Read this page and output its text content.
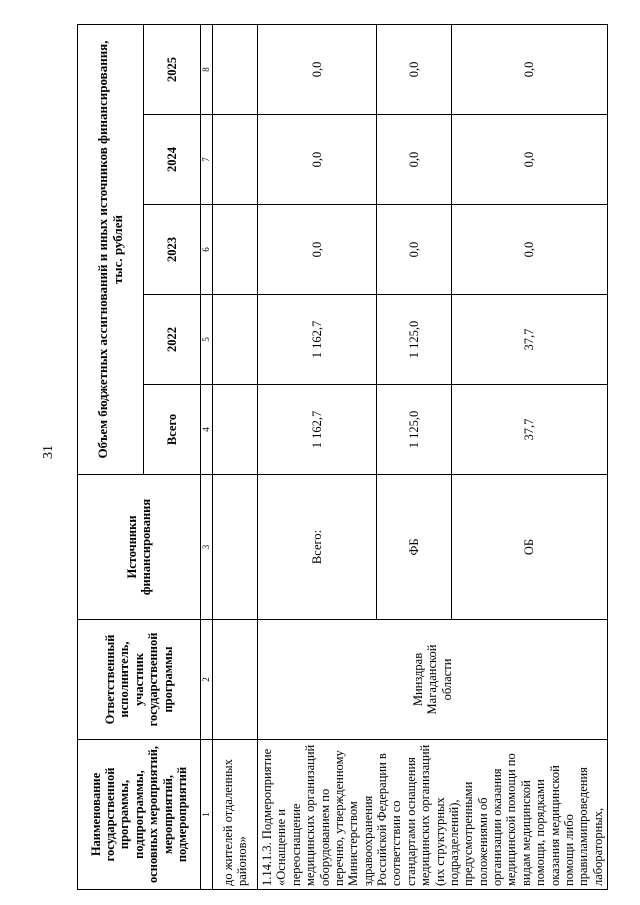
31
Наименование государственной программы, подпрограммы, основных мероприятий, мероприятий, подмероприятий	Ответственный исполнитель, участник государственной программы	Источники финансирования	Объем бюджетных ассигнований и иных источников финансирования, тыс. рублей				
			Всего	2022	2023	2024	2025
1	2	3	4	5	6	7	8
до жителей отдаленных районов»							
1.14.1.3. Подмероприятие «Оснащение и переоснащение медицинских организаций оборудованием по перечню, утвержденному Министерством здравоохранения Российской Федерации в соответствии со стандартами оснащения медицинских организаций (их структурных подразделений), предусмотренными положениями об организации оказания медицинской помощи по видам медицинской помощи, порядками оказания медицинской помощи либо правиламипроведения лабораторных,	Минздрав Магаданской области	Всего:	1 162,7	1 162,7	0,0	0,0	0,0
		ФБ	1 125,0	1 125,0	0,0	0,0	0,0
		ОБ	37,7	37,7	0,0	0,0	0,0
